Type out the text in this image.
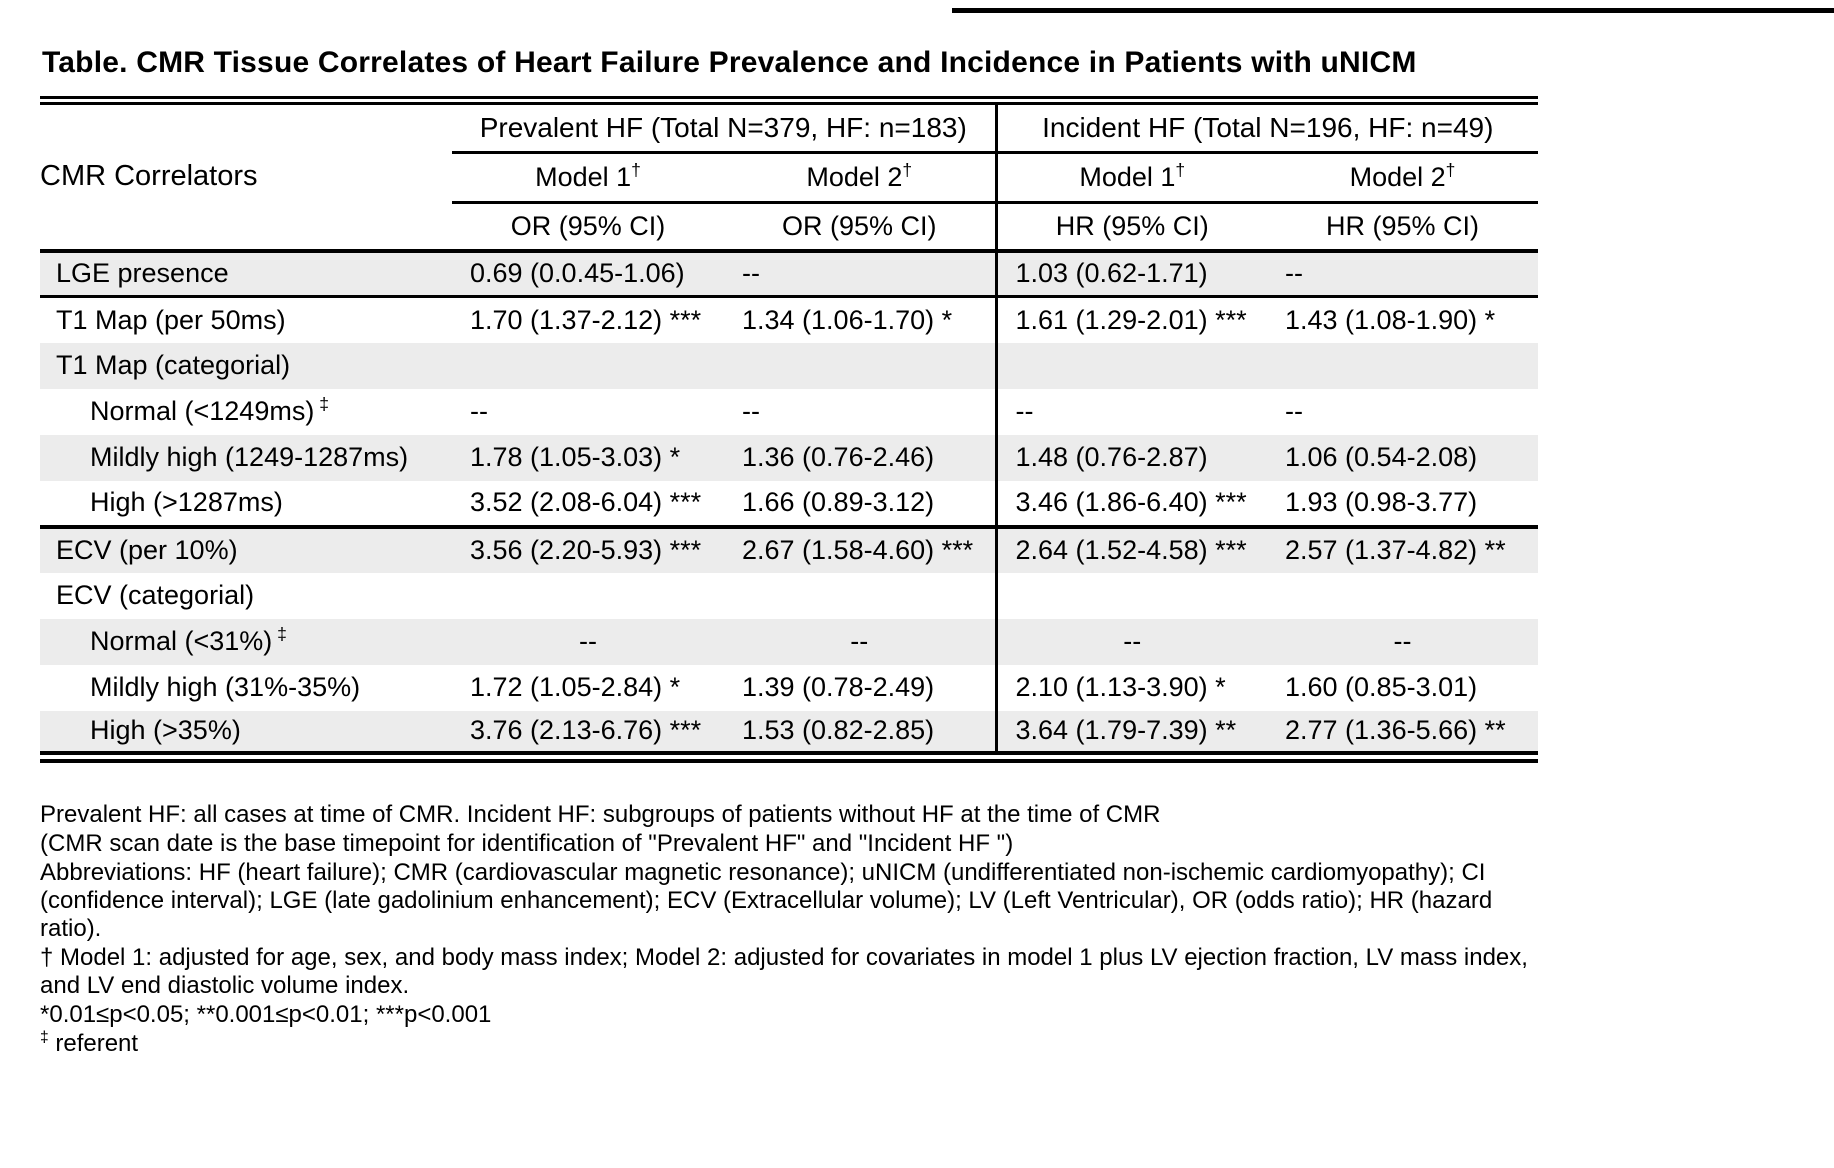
Table. CMR Tissue Correlates of Heart Failure Prevalence and Incidence in Patients with uNICM
CMR Correlators	Prevalent HF (Total N=379, HF: n=183)		Incident HF (Total N=196, HF: n=49)	
	Model 1†	Model 2†	Model 1†	Model 2†
	OR (95% CI)	OR (95% CI)	HR (95% CI)	HR (95% CI)
LGE presence	0.69 (0.0.45-1.06)	--	1.03 (0.62-1.71)	--
T1 Map (per 50ms)	1.70 (1.37-2.12) ***	1.34 (1.06-1.70) *	1.61 (1.29-2.01) ***	1.43 (1.08-1.90) *
T1 Map (categorial)				
Normal (<1249ms) ‡	--	--	--	--
Mildly high (1249-1287ms)	1.78 (1.05-3.03) *	1.36 (0.76-2.46)	1.48 (0.76-2.87)	1.06 (0.54-2.08)
High (>1287ms)	3.52 (2.08-6.04) ***	1.66 (0.89-3.12)	3.46 (1.86-6.40) ***	1.93 (0.98-3.77)
ECV (per 10%)	3.56 (2.20-5.93) ***	2.67 (1.58-4.60) ***	2.64 (1.52-4.58) ***	2.57 (1.37-4.82) **
ECV (categorial)				
Normal (<31%) ‡	--	--	--	--
Mildly high (31%-35%)	1.72 (1.05-2.84) *	1.39 (0.78-2.49)	2.10 (1.13-3.90) *	1.60 (0.85-3.01)
High (>35%)	3.76 (2.13-6.76) ***	1.53 (0.82-2.85)	3.64 (1.79-7.39) **	2.77 (1.36-5.66) **

Prevalent HF: all cases at time of CMR. Incident HF: subgroups of patients without HF at the time of CMR

(CMR scan date is the base timepoint for identification of "Prevalent HF" and "Incident HF ")

Abbreviations: HF (heart failure); CMR (cardiovascular magnetic resonance); uNICM (undifferentiated non-ischemic cardiomyopathy); CI (confidence interval); LGE (late gadolinium enhancement); ECV (Extracellular volume); LV (Left Ventricular), OR (odds ratio); HR (hazard ratio).

† Model 1: adjusted for age, sex, and body mass index; Model 2: adjusted for covariates in model 1 plus LV ejection fraction, LV mass index, and LV end diastolic volume index.

*0.01≤p<0.05; **0.001≤p<0.01; ***p<0.001

‡ referent
